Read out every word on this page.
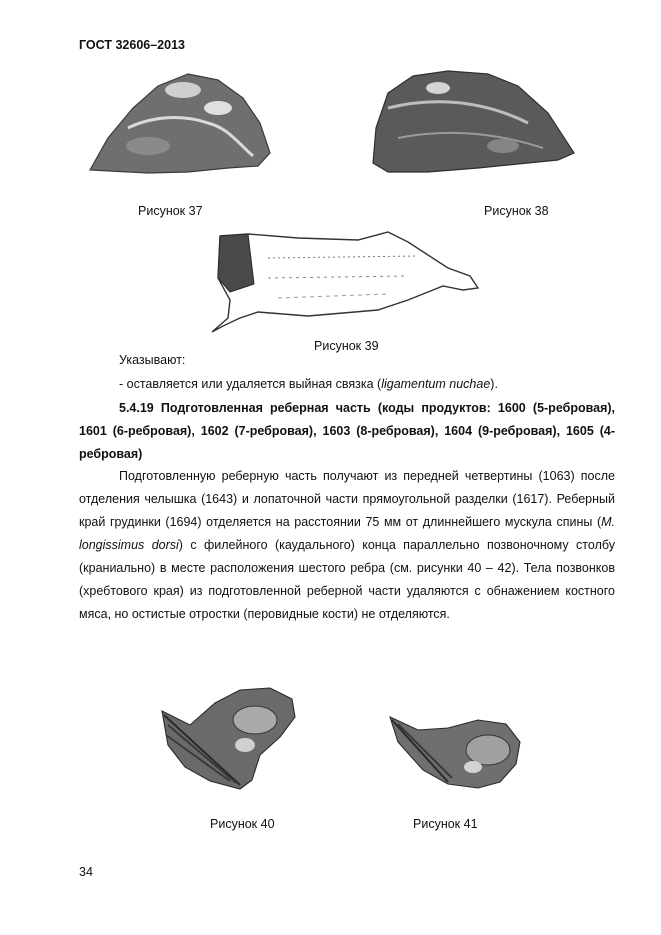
ГОСТ 32606–2013
Рисунок 37	Рисунок 38
Рисунок 39
Указывают:
- оставляется или удаляется выйная связка (ligamentum nuchae).
5.4.19 Подготовленная реберная часть (коды продуктов: 1600 (5-ребровая), 1601 (6-ребровая), 1602 (7-ребровая), 1603 (8-ребровая), 1604 (9-ребровая), 1605 (4-ребровая)
Подготовленную реберную часть получают из передней четвертины (1063) после отделения челышка (1643) и лопаточной части прямоугольной разделки (1617). Реберный край грудинки (1694) отделяется на расстоянии 75 мм от длиннейшего мускула спины (M. longissimus dorsi) с филейного (каудального) конца параллельно позвоночному столбу (краниально) в месте расположения шестого ребра (см. рисунки 40 – 42). Тела позвонков (хребтового края) из подготовленной реберной части удаляются с обнажением костного мяса, но остистые отростки (перовидные кости) не отделяются.
Рисунок 40	Рисунок 41
34
